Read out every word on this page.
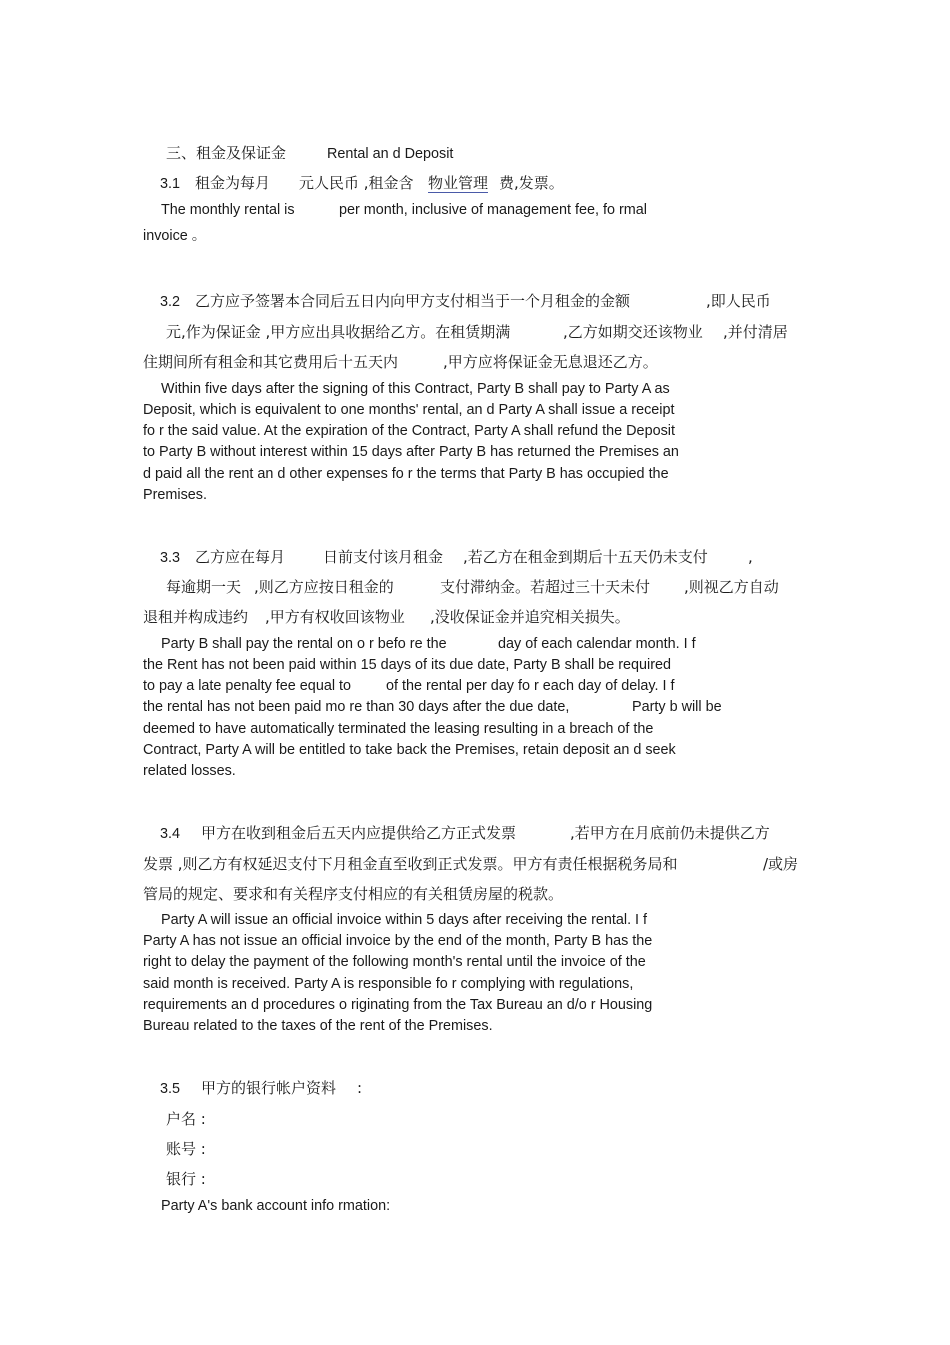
三、租金及保证金	Rental an d Deposit
3.1 租金为每月 元人民币 ,租金含 物业管理 费,发票。
The monthly rental is	per month, inclusive of management fee, fo rmal
invoice 。
3.2 乙方应予签署本合同后五日内向甲方支付相当于一个月租金的金额	,即人民币
元,作为保证金 ,甲方应出具收据给乙方。在租赁期满	,乙方如期交还该物业 ,并付清居
住期间所有租金和其它费用后十五天内	,甲方应将保证金无息退还乙方。
Within five days after the signing of this Contract, Party B shall pay to Party A as
Deposit, which is equivalent to one months' rental, an d Party A shall issue a receipt
fo r the said value. At the expiration of the Contract, Party A shall refund the Deposit
to Party B without interest within 15 days after Party B has returned the Premises an
d paid all the rent an d other expenses fo r the terms that Party B has occupied the
Premises.
3.3 乙方应在每月	日前支付该月租金 ,若乙方在租金到期后十五天仍未支付	,
每逾期一天 ,则乙方应按日租金的	支付滞纳金。若超过三十天未付 ,则视乙方自动
退租并构成违约 ,甲方有权收回该物业 ,没收保证金并追究相关损失。
Party B shall pay the rental on o r befo re the	day of each calendar month. I f
the Rent has not been paid within 15 days of its due date, Party B shall be required
to pay a late penalty fee equal to of the rental per day fo r each day of delay. I f
the rental has not been paid mo re than 30 days after the due date,	Party b will be
deemed to have automatically terminated the leasing resulting in a breach of the
Contract, Party A will be entitled to take back the Premises, retain deposit an d seek
related losses.
3.4 甲方在收到租金后五天内应提供给乙方正式发票	,若甲方在月底前仍未提供乙方
发票 ,则乙方有权延迟支付下月租金直至收到正式发票。甲方有责任根据税务局和	/或房
管局的规定、要求和有关程序支付相应的有关租赁房屋的税款。
Party A will issue an official invoice within 5 days after receiving the rental. I f
Party A has not issue an official invoice by the end of the month, Party B has the
right to delay the payment of the following month's rental until the invoice of the
said month is received. Party A is responsible fo r complying with regulations,
requirements an d procedures o riginating from the Tax Bureau an d/o r Housing
Bureau related to the taxes of the rent of the Premises.
3.5 甲方的银行帐户资料 :
户名 :
账号 :
银行 :
Party A's bank account info rmation:
